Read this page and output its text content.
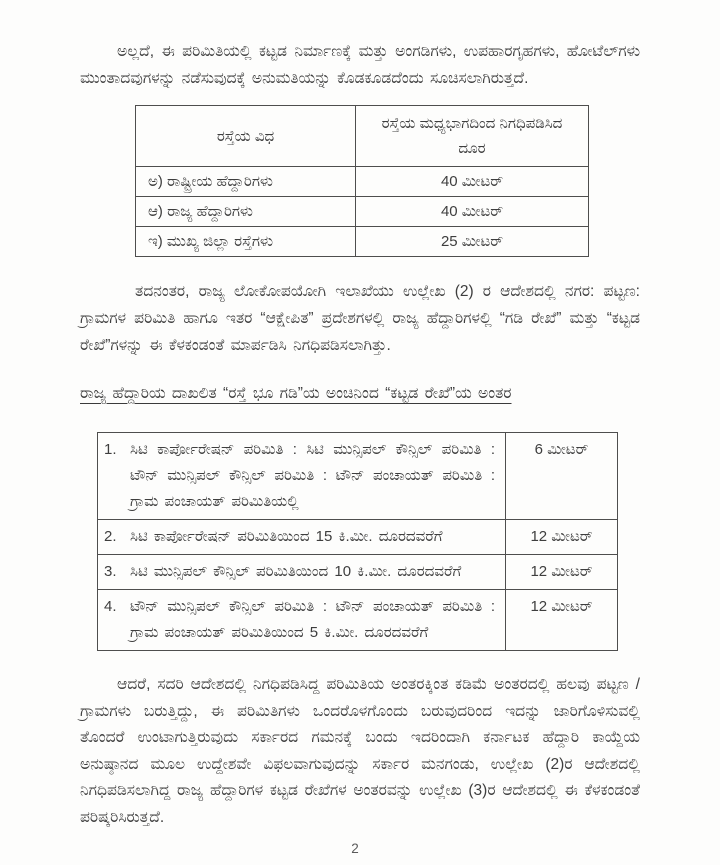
ಅಲ್ಲದೆ, ಈ ಪರಿಮಿತಿಯಲ್ಲಿ ಕಟ್ಟಡ ನಿರ್ಮಾಣಕ್ಕೆ ಮತ್ತು ಅಂಗಡಿಗಳು, ಉಪಹಾರಗೃಹಗಳು, ಹೋಟೆಲ್‌ಗಳು ಮುಂತಾದವುಗಳನ್ನು ನಡೆಸುವುದಕ್ಕೆ ಅನುಮತಿಯನ್ನು ಕೊಡಕೂಡದೆಂದು ಸೂಚಿಸಲಾಗಿರುತ್ತದೆ.

ರಸ್ತೆಯ ವಿಧ	ರಸ್ತೆಯ ಮಧ್ಯಭಾಗದಿಂದ ನಿಗಧಿಪಡಿಸಿದ ದೂರ
ಅ) ರಾಷ್ಟ್ರೀಯ ಹೆದ್ದಾರಿಗಳು	40 ಮೀಟರ್
ಆ) ರಾಜ್ಯ ಹೆದ್ದಾರಿಗಳು	40 ಮೀಟರ್
ಇ) ಮುಖ್ಯ ಜಿಲ್ಲಾ ರಸ್ತೆಗಳು	25 ಮೀಟರ್

ತದನಂತರ, ರಾಜ್ಯ ಲೋಕೋಪಯೋಗಿ ಇಲಾಖೆಯು ಉಲ್ಲೇಖ (2) ರ ಆದೇಶದಲ್ಲಿ ನಗರ: ಪಟ್ಟಣ: ಗ್ರಾಮಗಳ ಪರಿಮಿತಿ ಹಾಗೂ ಇತರ “ಆಕ್ಷೇಪಿತ” ಪ್ರದೇಶಗಳಲ್ಲಿ ರಾಜ್ಯ ಹೆದ್ದಾರಿಗಳಲ್ಲಿ “ಗಡಿ ರೇಖೆ” ಮತ್ತು “ಕಟ್ಟಡ ರೇಖೆ”ಗಳನ್ನು ಈ ಕೆಳಕಂಡಂತೆ ಮಾರ್ಪಡಿಸಿ ನಿಗಧಿಪಡಿಸಲಾಗಿತ್ತು.

ರಾಜ್ಯ ಹೆದ್ದಾರಿಯ ದಾಖಲಿತ “ರಸ್ತೆ ಭೂ ಗಡಿ”ಯ ಅಂಚಿನಿಂದ “ಕಟ್ಟಡ ರೇಖೆ”ಯ ಅಂತರ
1. ಸಿಟಿ ಕಾರ್ಪೋರೇಷನ್ ಪರಿಮಿತಿ : ಸಿಟಿ ಮುನ್ಸಿಪಲ್ ಕೌನ್ಸಿಲ್ ಪರಿಮಿತಿ : ಟೌನ್ ಮುನ್ಸಿಪಲ್ ಕೌನ್ಸಿಲ್ ಪರಿಮಿತಿ : ಟೌನ್ ಪಂಚಾಯತ್ ಪರಿಮಿತಿ : ಗ್ರಾಮ ಪಂಚಾಯತ್ ಪರಿಮಿತಿಯಲ್ಲಿ	6 ಮೀಟರ್
2. ಸಿಟಿ ಕಾರ್ಪೋರೇಷನ್ ಪರಿಮಿತಿಯಿಂದ 15 ಕಿ.ಮೀ. ದೂರದವರೆಗೆ	12 ಮೀಟರ್
3. ಸಿಟಿ ಮುನ್ಸಿಪಲ್ ಕೌನ್ಸಿಲ್ ಪರಿಮಿತಿಯಿಂದ 10 ಕಿ.ಮೀ. ದೂರದವರೆಗೆ	12 ಮೀಟರ್
4. ಟೌನ್ ಮುನ್ಸಿಪಲ್ ಕೌನ್ಸಿಲ್ ಪರಿಮಿತಿ : ಟೌನ್ ಪಂಚಾಯತ್ ಪರಿಮಿತಿ : ಗ್ರಾಮ ಪಂಚಾಯತ್ ಪರಿಮಿತಿಯಿಂದ 5 ಕಿ.ಮೀ. ದೂರದವರೆಗೆ	12 ಮೀಟರ್

ಆದರೆ, ಸದರಿ ಆದೇಶದಲ್ಲಿ ನಿಗಧಿಪಡಿಸಿದ್ದ ಪರಿಮಿತಿಯ ಅಂತರಕ್ಕಿಂತ ಕಡಿಮೆ ಅಂತರದಲ್ಲಿ ಹಲವು ಪಟ್ಟಣ / ಗ್ರಾಮಗಳು ಬರುತ್ತಿದ್ದು, ಈ ಪರಿಮಿತಿಗಳು ಒಂದರೊಳಗೊಂದು ಬರುವುದರಿಂದ ಇದನ್ನು ಜಾರಿಗೊಳಿಸುವಲ್ಲಿ ತೊಂದರೆ ಉಂಟಾಗುತ್ತಿರುವುದು ಸರ್ಕಾರದ ಗಮನಕ್ಕೆ ಬಂದು ಇದರಿಂದಾಗಿ ಕರ್ನಾಟಕ ಹೆದ್ದಾರಿ ಕಾಯ್ದೆಯ ಅನುಷ್ಠಾನದ ಮೂಲ ಉದ್ದೇಶವೇ ವಿಫಲವಾಗುವುದನ್ನು ಸರ್ಕಾರ ಮನಗಂಡು, ಉಲ್ಲೇಖ (2)ರ ಆದೇಶದಲ್ಲಿ ನಿಗಧಿಪಡಿಸಲಾಗಿದ್ದ ರಾಜ್ಯ ಹೆದ್ದಾರಿಗಳ ಕಟ್ಟಡ ರೇಖೆಗಳ ಅಂತರವನ್ನು ಉಲ್ಲೇಖ (3)ರ ಆದೇಶದಲ್ಲಿ ಈ ಕೆಳಕಂಡಂತೆ ಪರಿಷ್ಕರಿಸಿರುತ್ತದೆ.

2
